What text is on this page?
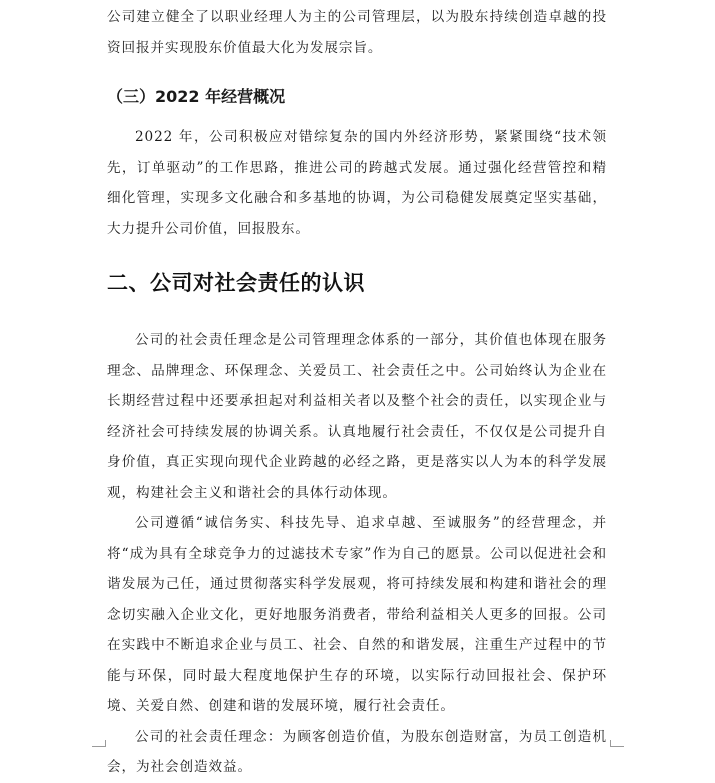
公司建立健全了以职业经理人为主的公司管理层，以为股东持续创造卓越的投资回报并实现股东价值最大化为发展宗旨。

（三）2022 年经营概况

2022 年，公司积极应对错综复杂的国内外经济形势，紧紧围绕“技术领先，订单驱动”的工作思路，推进公司的跨越式发展。通过强化经营管控和精细化管理，实现多文化融合和多基地的协调，为公司稳健发展奠定坚实基础，大力提升公司价值，回报股东。

二、公司对社会责任的认识

公司的社会责任理念是公司管理理念体系的一部分，其价值也体现在服务理念、品牌理念、环保理念、关爱员工、社会责任之中。公司始终认为企业在长期经营过程中还要承担起对利益相关者以及整个社会的责任，以实现企业与经济社会可持续发展的协调关系。认真地履行社会责任，不仅仅是公司提升自身价值，真正实现向现代企业跨越的必经之路，更是落实以人为本的科学发展观，构建社会主义和谐社会的具体行动体现。

公司遵循“诚信务实、科技先导、追求卓越、至诚服务”的经营理念，并将“成为具有全球竞争力的过滤技术专家”作为自己的愿景。公司以促进社会和谐发展为己任，通过贯彻落实科学发展观，将可持续发展和构建和谐社会的理念切实融入企业文化，更好地服务消费者，带给利益相关人更多的回报。公司在实践中不断追求企业与员工、社会、自然的和谐发展，注重生产过程中的节能与环保，同时最大程度地保护生存的环境，以实际行动回报社会、保护环境、关爱自然、创建和谐的发展环境，履行社会责任。

公司的社会责任理念：为顾客创造价值，为股东创造财富，为员工创造机会，为社会创造效益。
